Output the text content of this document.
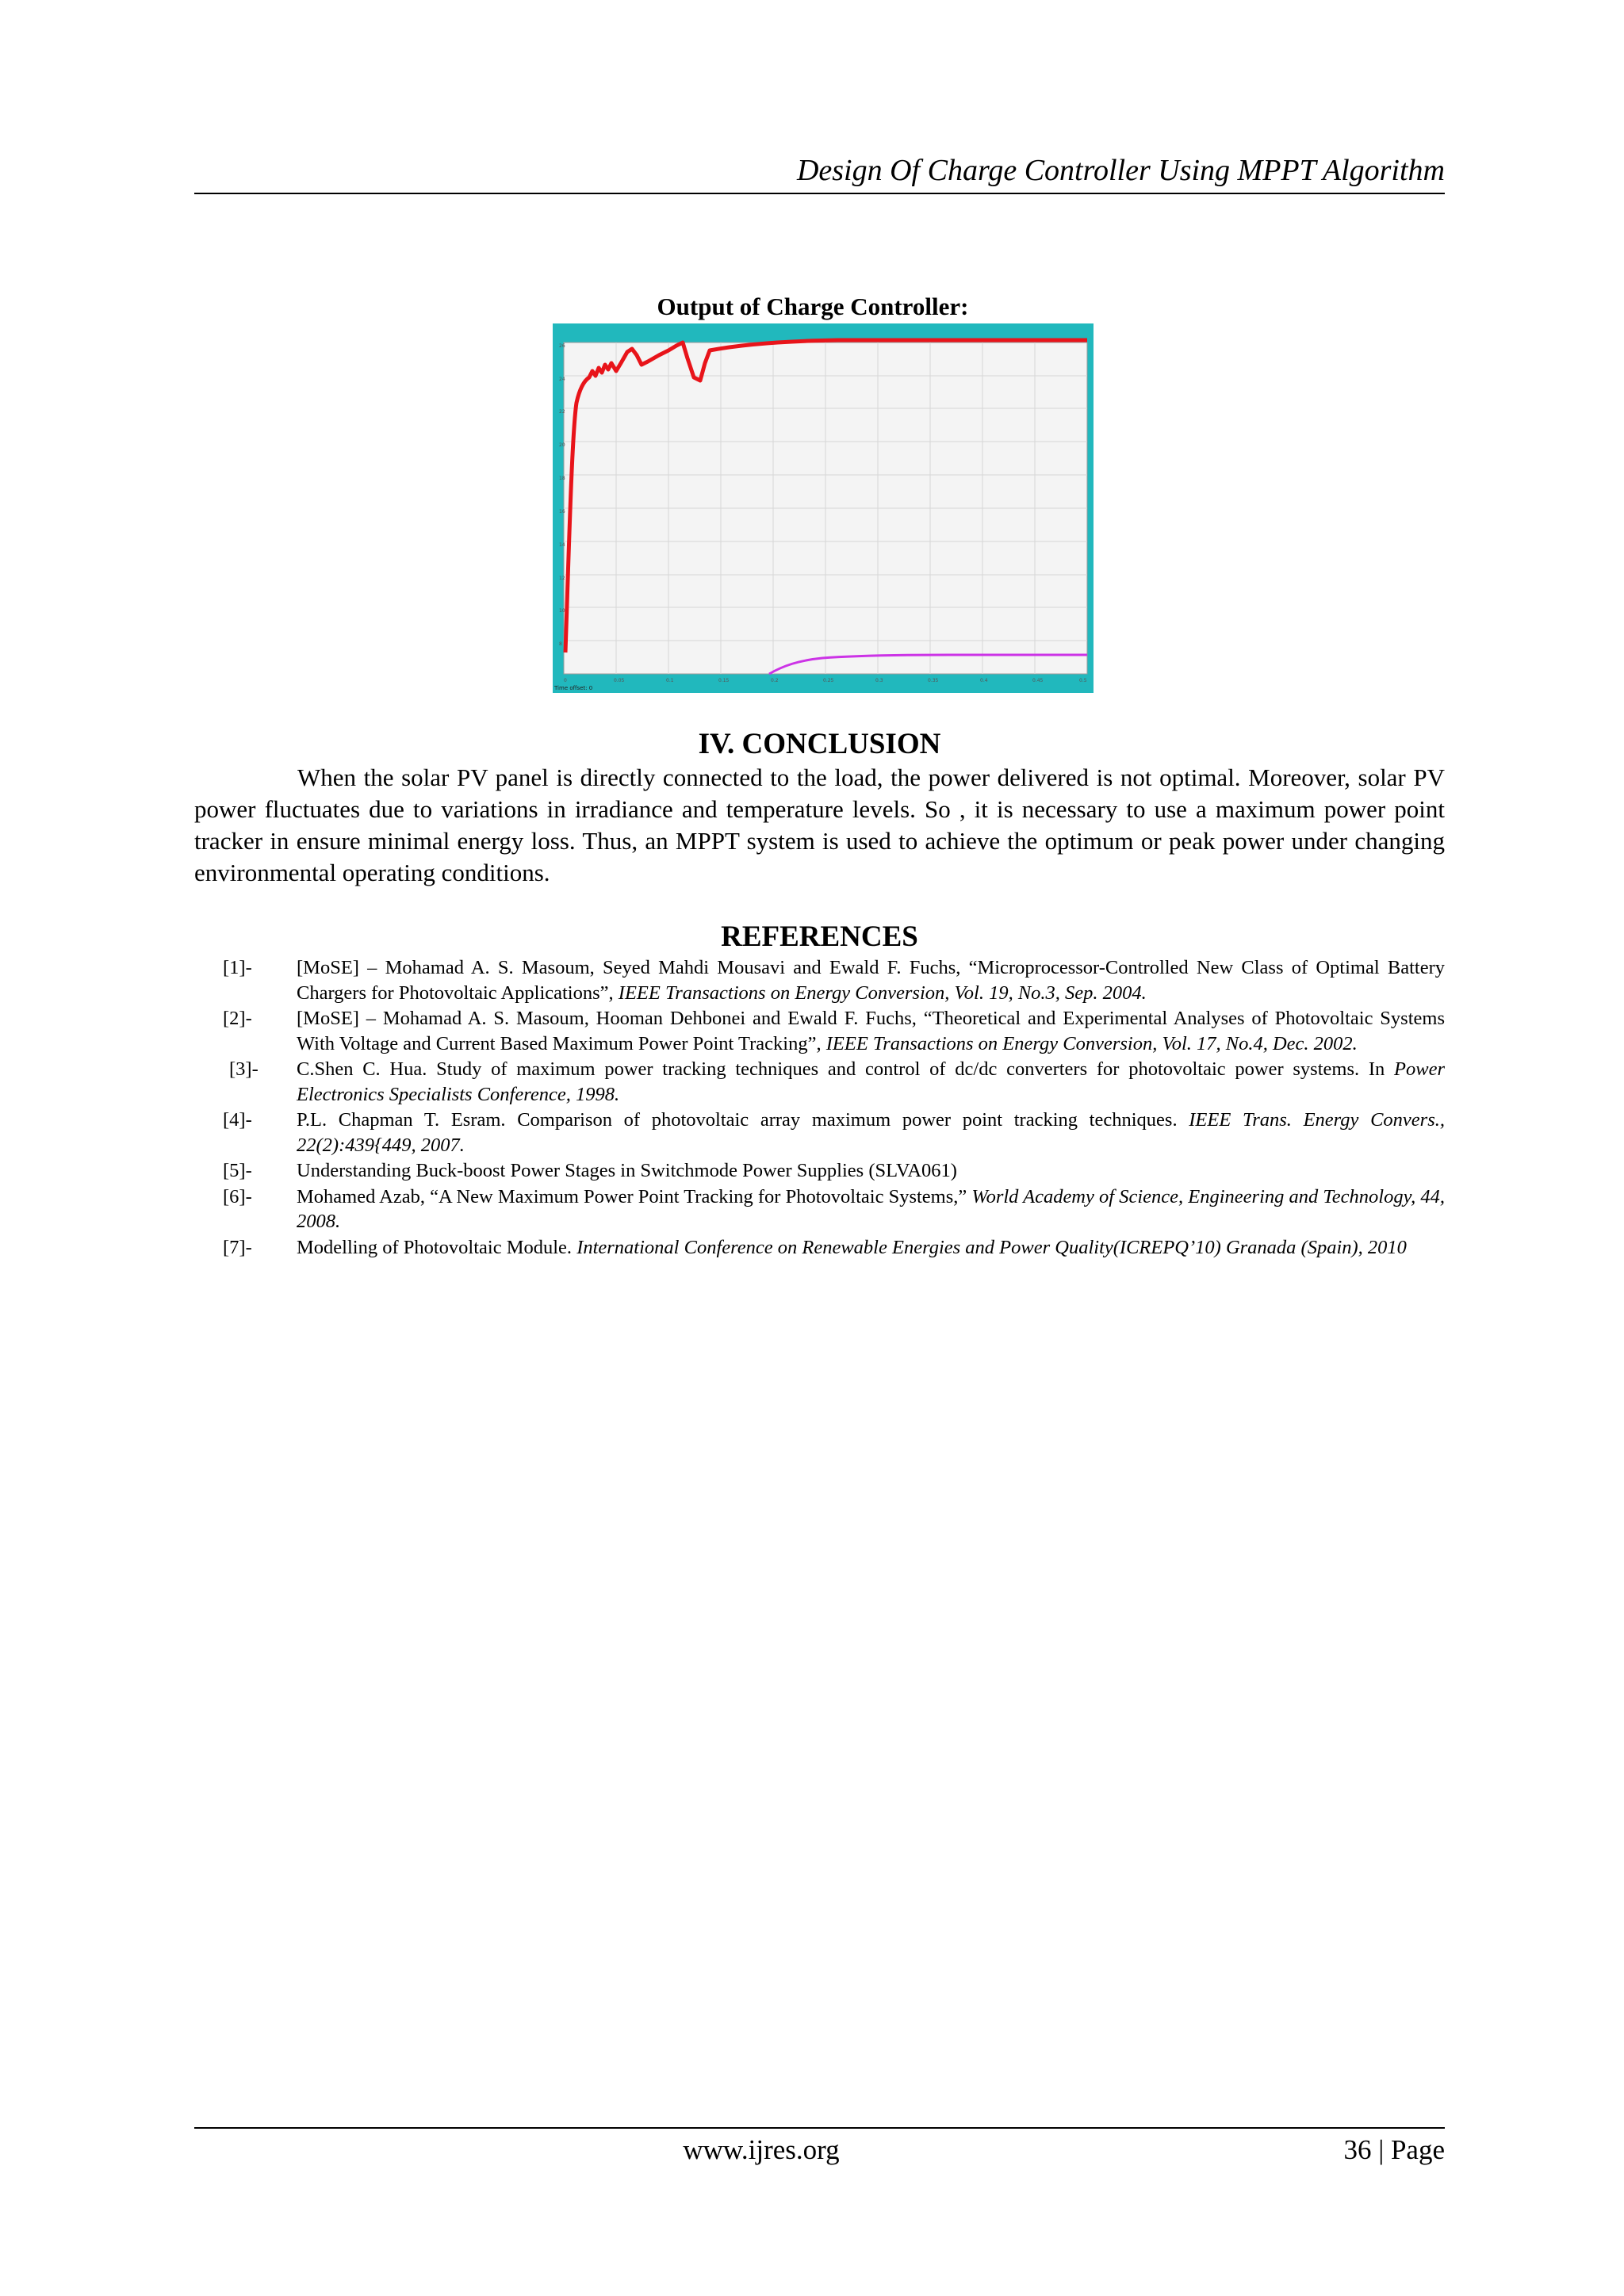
Design Of Charge Controller Using MPPT Algorithm
Output of Charge Controller:
26
24
22
20
18
16
14
12
10
8
0	0.05	0.1	0.15	0.2	0.25	0.3	0.35	0.4	0.45	0.5
Time offset: 0
IV. CONCLUSION
When the solar PV panel is directly connected to the load, the power delivered is not optimal. Moreover, solar PV power fluctuates due to variations in irradiance and temperature levels. So , it is necessary to use a maximum power point tracker in ensure minimal energy loss. Thus, an MPPT system is used to achieve the optimum or peak power under changing environmental operating conditions.
REFERENCES
[1]- [MoSE] – Mohamad A. S. Masoum, Seyed Mahdi Mousavi and Ewald F. Fuchs, “Microprocessor-Controlled New Class of Optimal Battery Chargers for Photovoltaic Applications”, IEEE Transactions on Energy Conversion, Vol. 19, No.3, Sep. 2004.
[2]- [MoSE] – Mohamad A. S. Masoum, Hooman Dehbonei and Ewald F. Fuchs, “Theoretical and Experimental Analyses of Photovoltaic Systems With Voltage and Current Based Maximum Power Point Tracking”, IEEE Transactions on Energy Conversion, Vol. 17, No.4, Dec. 2002.
[3]- C.Shen C. Hua. Study of maximum power tracking techniques and control of dc/dc converters for photovoltaic power systems. In Power Electronics Specialists Conference, 1998.
[4]- P.L. Chapman T. Esram. Comparison of photovoltaic array maximum power point tracking techniques. IEEE Trans. Energy Convers., 22(2):439{449, 2007.
[5]- Understanding Buck-boost Power Stages in Switchmode Power Supplies (SLVA061)
[6]- Mohamed Azab, “A New Maximum Power Point Tracking for Photovoltaic Systems,” World Academy of Science, Engineering and Technology, 44, 2008.
[7]- Modelling of Photovoltaic Module. International Conference on Renewable Energies and Power Quality(ICREPQ’10) Granada (Spain), 2010
www.ijres.org	36 | Page
